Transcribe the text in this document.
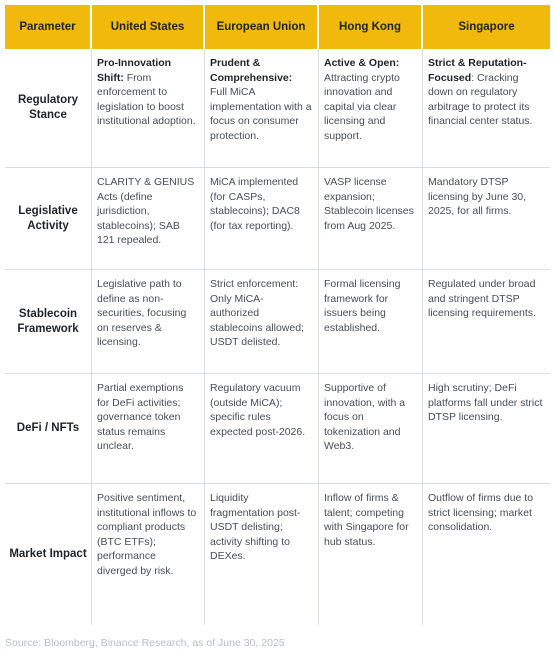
Parameter	United States	European Union	Hong Kong	Singapore
Regulatory Stance	Pro-Innovation Shift: From enforcement to legislation to boost institutional adoption.	Prudent & Comprehensive: Full MiCA implementation with a focus on consumer protection.	Active & Open: Attracting crypto innovation and capital via clear licensing and support.	Strict & Reputation-Focused: Cracking down on regulatory arbitrage to protect its financial center status.
Legislative Activity	CLARITY & GENIUS Acts (define jurisdiction, stablecoins); SAB 121 repealed.	MiCA implemented (for CASPs, stablecoins); DAC8 (for tax reporting).	VASP license expansion; Stablecoin licenses from Aug 2025.	Mandatory DTSP licensing by June 30, 2025, for all firms.
Stablecoin Framework	Legislative path to define as non-securities, focusing on reserves & licensing.	Strict enforcement: Only MiCA-authorized stablecoins allowed; USDT delisted.	Formal licensing framework for issuers being established.	Regulated under broad and stringent DTSP licensing requirements.
DeFi / NFTs	Partial exemptions for DeFi activities; governance token status remains unclear.	Regulatory vacuum (outside MiCA); specific rules expected post-2026.	Supportive of innovation, with a focus on tokenization and Web3.	High scrutiny; DeFi platforms fall under strict DTSP licensing.
Market Impact	Positive sentiment, institutional inflows to compliant products (BTC ETFs); performance diverged by risk.	Liquidity fragmentation post-USDT delisting; activity shifting to DEXes.	Inflow of firms & talent; competing with Singapore for hub status.	Outflow of firms due to strict licensing; market consolidation.
Source: Bloomberg, Binance Research, as of June 30, 2025
